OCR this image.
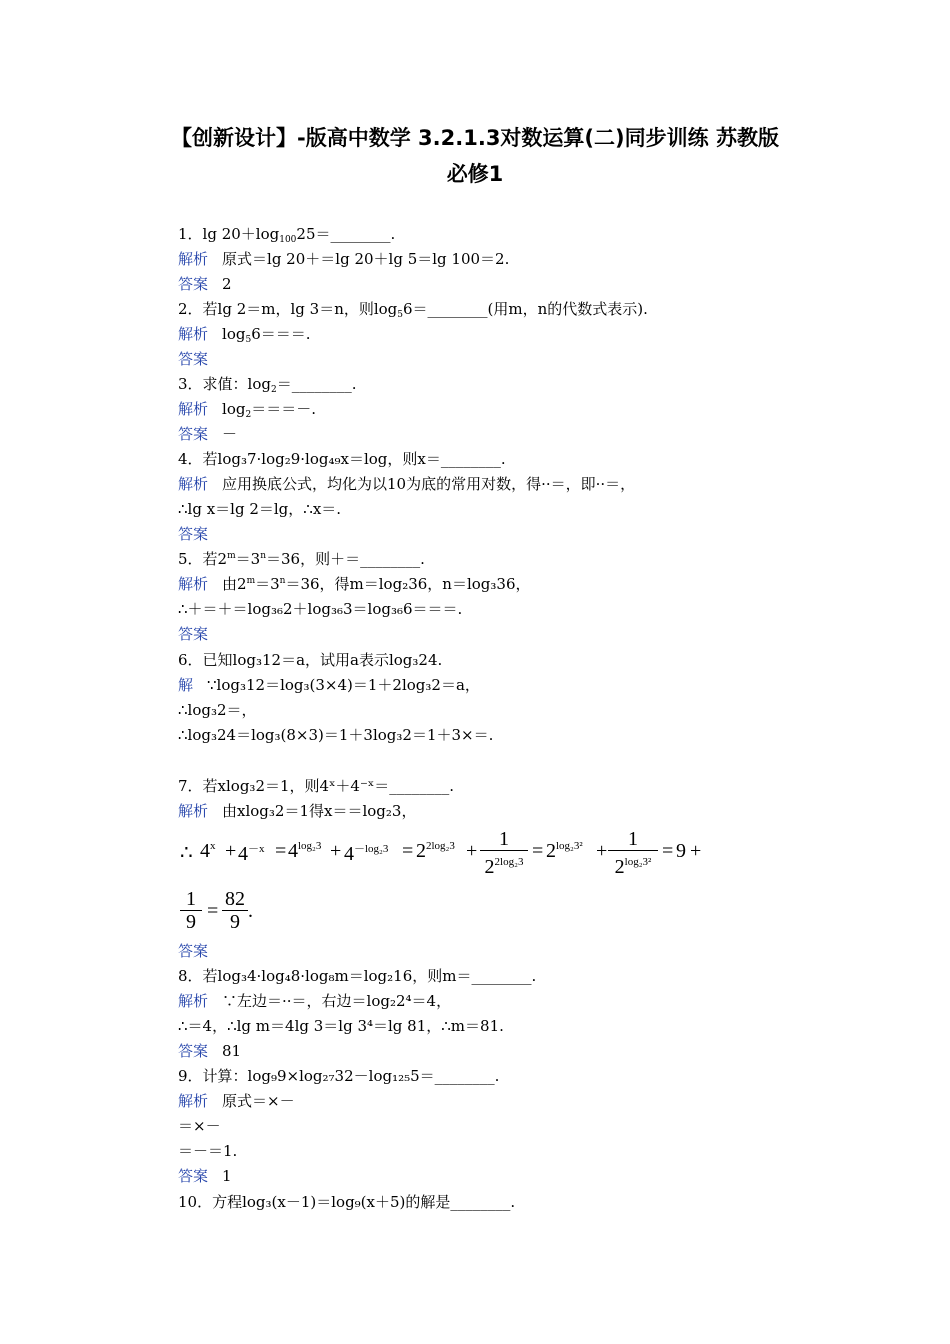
【创新设计】-版高中数学 3.2.1.3对数运算(二)同步训练 苏教版
必修1
1．$\lg 20+\log_{100}25=\_\_\_\_\_\_\_\_$.
解析 原式＝lg 20＋＝lg 20＋lg 5＝lg 100＝2.
答案 2
2．若lg 2＝m，lg 3＝n，则$\log_56=\_\_\_\_\_\_\_\_$(用m，n的代数式表示).
解析 $\log_56===$.
答案
3．求值：$\log_2=\_\_\_\_\_\_\_\_$.
解析 $\log_2===-$.
答案 －
4．若log₃7·log₂9·log₄₉x＝log，则x＝________.
解析 应用换底公式，均化为以10为底的常用对数，得··＝，即··＝，
∴lg x＝lg 2＝lg，∴x＝.
答案
5．若$2^m=3^n=36$，则＋＝________.
解析 由$2^m=3^n=36$，得m＝log₂36，n＝log₃36，
∴＋＝＋＝log₃₆2＋log₃₆3＝log₃₆6＝＝＝.
答案
6．已知log₃12＝a，试用a表示log₃24.
解 ∵log₃12＝log₃(3×4)＝1＋2log₃2＝a，
∴log₃2＝，
∴log₃24＝log₃(8×3)＝1＋3log₃2＝1＋3×＝.
7．若xlog₃2＝1，则4ˣ＋4⁻ˣ＝________.
解析 由xlog₃2＝1得x＝＝log₂3，
∴ $4^x + 4^{-x} = 4^{log_23} + 4^{-log_23} = 2^{2log_23}$ +
1
$2^{2log_23} = 2^{log_23^2}$ +
1
$2^{log_23^2} = 9$ +
1
9 =
82
9 .
答案
8．若log₃4·log₄8·log₈m＝log₂16，则m＝________.
解析 ∵左边＝··＝，右边＝log₂2⁴＝4，
∴＝4，∴lg m＝4lg 3＝lg 3⁴＝lg 81，∴m＝81.
答案 81
9．计算：log₉9×log₂₇32－log₁₂₅5＝________.
解析 原式＝×－
＝×－
＝－＝1.
答案 1
10．方程log₃(x－1)＝log₉(x＋5)的解是________.
